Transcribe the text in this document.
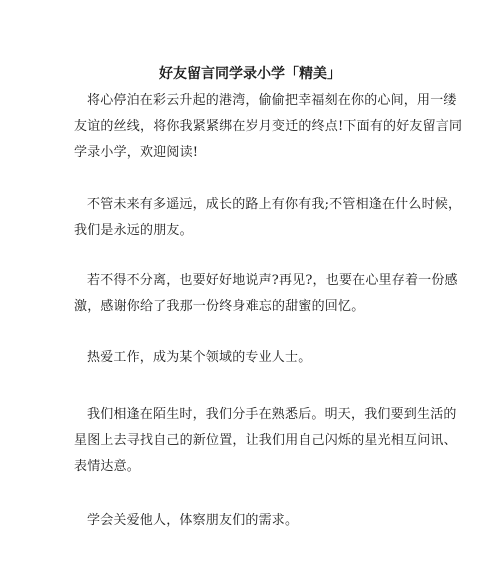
好友留言同学录小学「精美」

将心停泊在彩云升起的港湾，偷偷把幸福刻在你的心间，用一缕
友谊的丝线，将你我紧紧绑在岁月变迁的终点!下面有的好友留言同
学录小学，欢迎阅读!

不管未来有多遥远，成长的路上有你有我;不管相逢在什么时候，
我们是永远的朋友。

若不得不分离，也要好好地说声?再见?，也要在心里存着一份感
激，感谢你给了我那一份终身难忘的甜蜜的回忆。

热爱工作，成为某个领域的专业人士。

我们相逢在陌生时，我们分手在熟悉后。明天，我们要到生活的
星图上去寻找自己的新位置，让我们用自己闪烁的星光相互问讯、
表情达意。

学会关爱他人，体察朋友们的需求。
